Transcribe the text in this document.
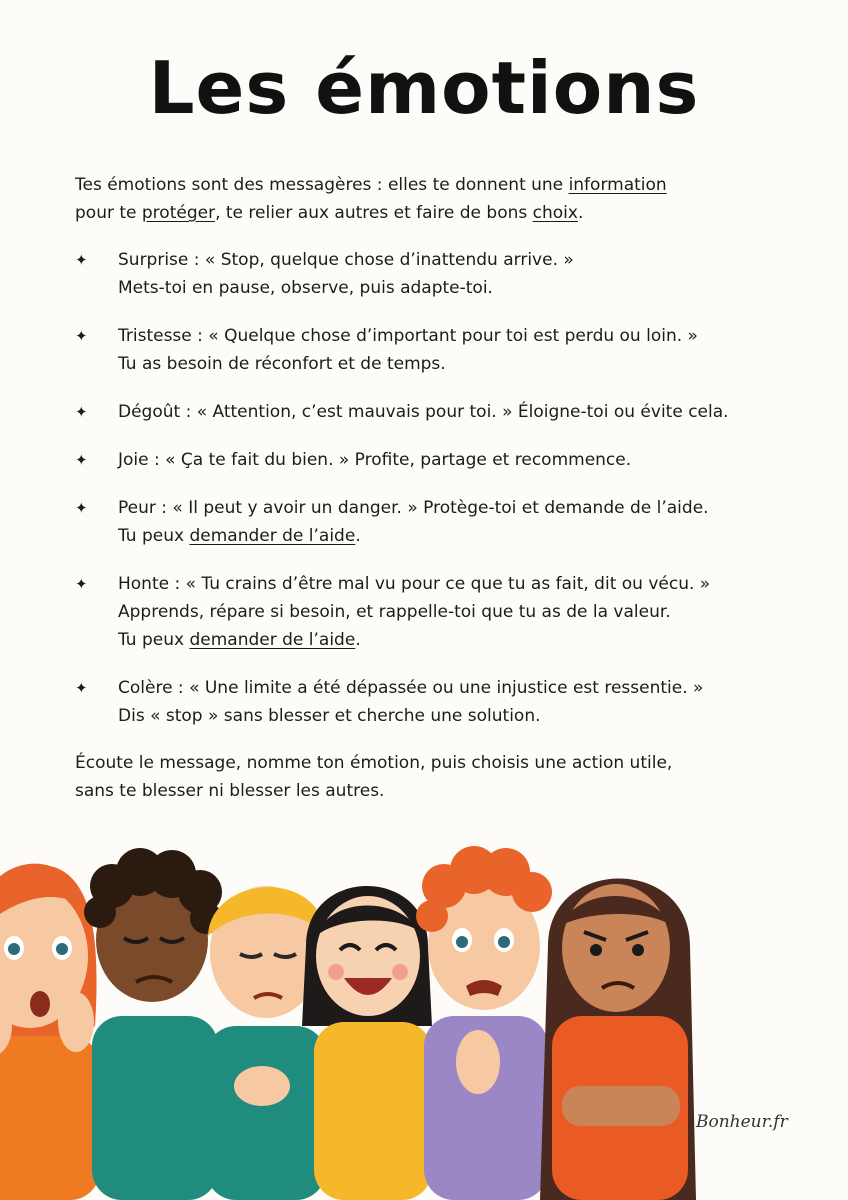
Les émotions
Tes émotions sont des messagères : elles te donnent une information
pour te protéger, te relier aux autres et faire de bons choix.
✦ Surprise : « Stop, quelque chose d’inattendu arrive. »
Mets-toi en pause, observe, puis adapte-toi.
✦ Tristesse : « Quelque chose d’important pour toi est perdu ou loin. »
Tu as besoin de réconfort et de temps.
✦ Dégoût : « Attention, c’est mauvais pour toi. » Éloigne-toi ou évite cela.
✦ Joie : « Ça te fait du bien. » Profite, partage et recommence.
✦ Peur : « Il peut y avoir un danger. » Protège-toi et demande de l’aide.
Tu peux demander de l’aide.
✦ Honte : « Tu crains d’être mal vu pour ce que tu as fait, dit ou vécu. »
Apprends, répare si besoin, et rappelle-toi que tu as de la valeur.
Tu peux demander de l’aide.
✦ Colère : « Une limite a été dépassée ou une injustice est ressentie. »
Dis « stop » sans blesser et cherche une solution.
Écoute le message, nomme ton émotion, puis choisis une action utile,
sans te blesser ni blesser les autres.
Bonheur.fr
